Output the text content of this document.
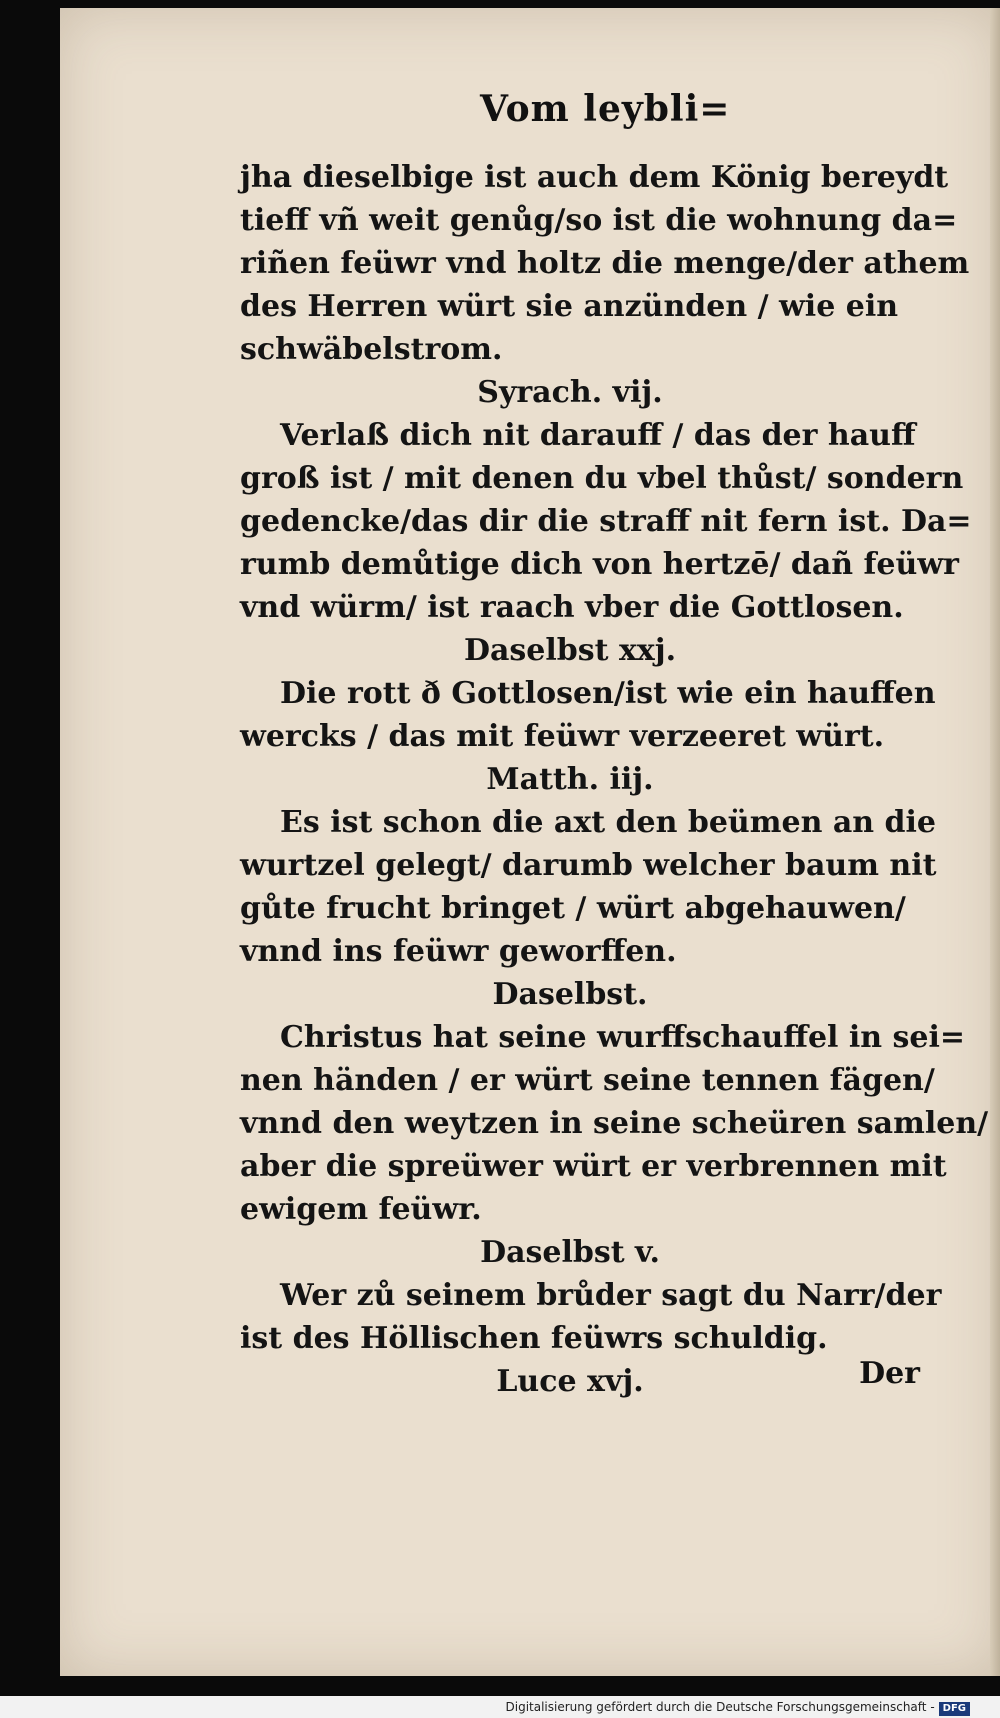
Vom leybli=
jha dieselbige ist auch dem König bereydt
tieff vñ weit genůg/so ist die wohnung da=
riñen feüwr vnd holtz die menge/der athem
des Herren würt sie anzünden / wie ein
schwäbelstrom.
Syrach. vij.
Verlaß dich nit darauff / das der hauff
groß ist / mit denen du vbel thůst/ sondern
gedencke/das dir die straff nit fern ist. Da=
rumb demůtige dich von hertzē/ dañ feüwr
vnd würm/ ist raach vber die Gottlosen.
Daselbst xxj.
Die rott ð Gottlosen/ist wie ein hauffen
wercks / das mit feüwr verzeeret würt.
Matth. iij.
Es ist schon die axt den beümen an die
wurtzel gelegt/ darumb welcher baum nit
gůte frucht bringet / würt abgehauwen/
vnnd ins feüwr geworffen.
Daselbst.
Christus hat seine wurffschauffel in sei=
nen händen / er würt seine tennen fägen/
vnnd den weytzen in seine scheüren samlen/
aber die spreüwer würt er verbrennen mit
ewigem feüwr.
Daselbst v.
Wer zů seinem brůder sagt du Narr/der
ist des Höllischen feüwrs schuldig.
Luce xvj.	Der
Digitalisierung gefördert durch die Deutsche Forschungsgemeinschaft - DFG
